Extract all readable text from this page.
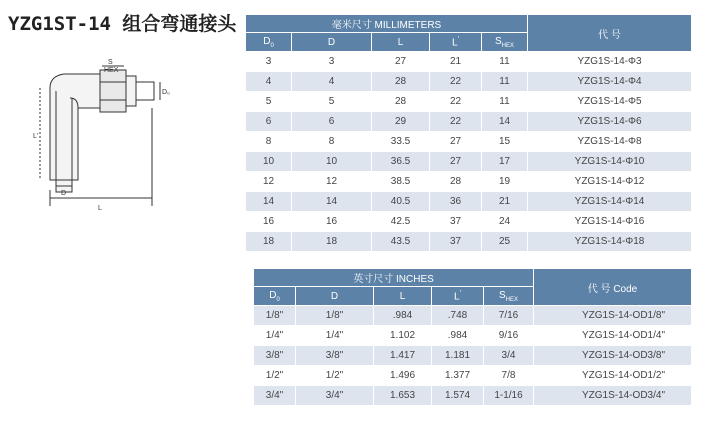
YZG1ST-14 组合弯通接头
S
HEX
D
L
L'
D₀
毫米尺寸 MILLIMETERS					代 号
$D_0$	D	L	L'	$S_{HEX}$
3	3	27	21	11	YZG1S-14-Φ3
4	4	28	22	11	YZG1S-14-Φ4
5	5	28	22	11	YZG1S-14-Φ5
6	6	29	22	14	YZG1S-14-Φ6
8	8	33.5	27	15	YZG1S-14-Φ8
10	10	36.5	27	17	YZG1S-14-Φ10
12	12	38.5	28	19	YZG1S-14-Φ12
14	14	40.5	36	21	YZG1S-14-Φ14
16	16	42.5	37	24	YZG1S-14-Φ16
18	18	43.5	37	25	YZG1S-14-Φ18
英寸尺寸 INCHES					代 号 Code
$D_0$	D	L	L'	$S_{HEX}$
1/8"	1/8"	.984	.748	7/16	YZG1S-14-OD1/8"
1/4"	1/4"	1.102	.984	9/16	YZG1S-14-OD1/4"
3/8"	3/8"	1.417	1.181	3/4	YZG1S-14-OD3/8"
1/2"	1/2"	1.496	1.377	7/8	YZG1S-14-OD1/2"
3/4"	3/4"	1.653	1.574	1-1/16	YZG1S-14-OD3/4"
